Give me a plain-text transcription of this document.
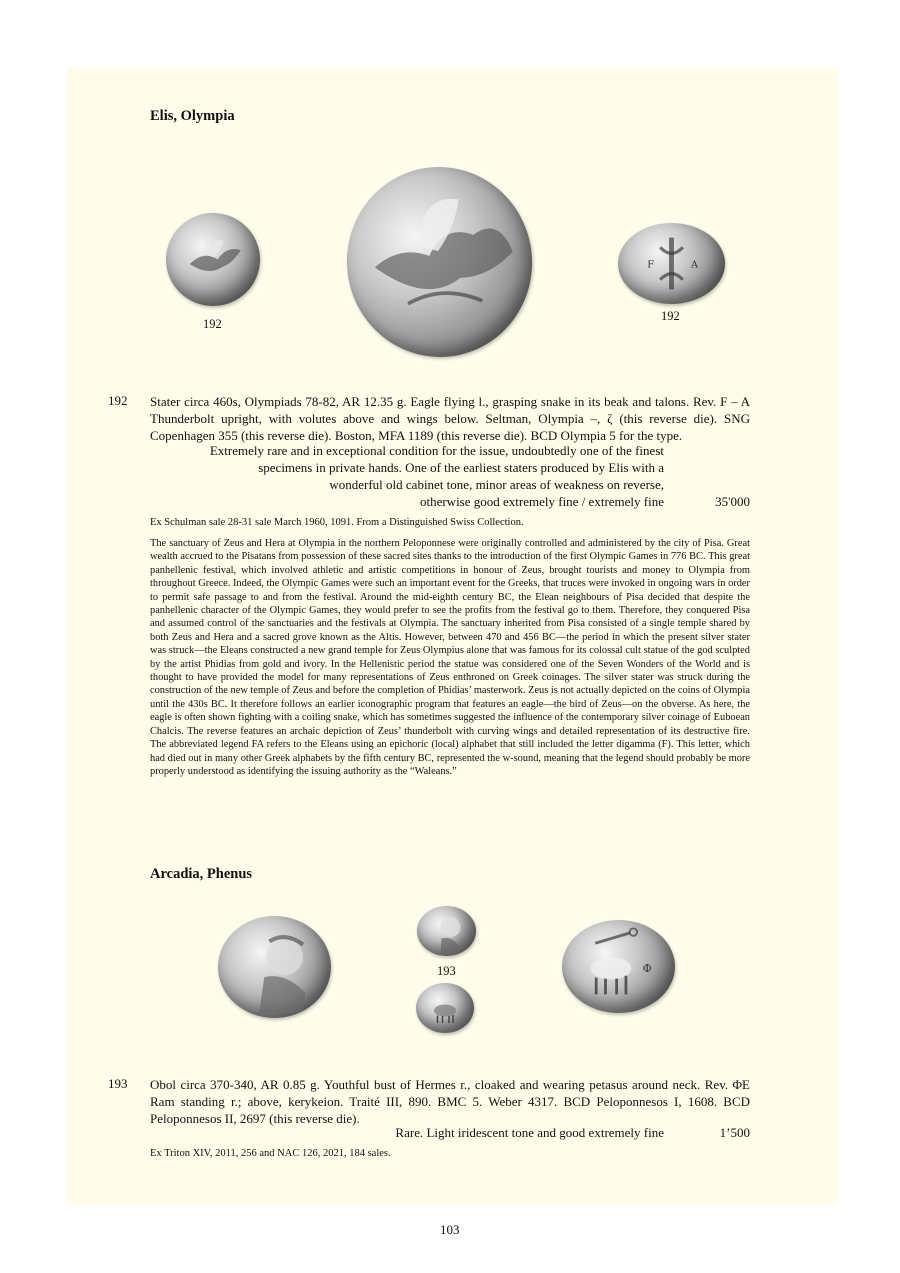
Elis, Olympia
192
F	A
192
192 Stater circa 460s, Olympiads 78-82, AR 12.35 g. Eagle flying l., grasping snake in its beak and talons. Rev. F – A Thunderbolt upright, with volutes above and wings below. Seltman, Olympia –, ζ (this reverse die). SNG Copenhagen 355 (this reverse die). Boston, MFA 1189 (this reverse die). BCD Olympia 5 for the type.

Extremely rare and in exceptional condition for the issue, undoubtedly one of the finest
specimens in private hands. One of the earliest staters produced by Elis with a
wonderful old cabinet tone, minor areas of weakness on reverse,
otherwise good extremely fine / extremely fine	35'000
Ex Schulman sale 28-31 sale March 1960, 1091. From a Distinguished Swiss Collection.

The sanctuary of Zeus and Hera at Olympia in the northern Peloponnese were originally controlled and administered by the city of Pisa. Great wealth accrued to the Pisatans from possession of these sacred sites thanks to the introduction of the first Olympic Games in 776 BC. This great panhellenic festival, which involved athletic and artistic competitions in honour of Zeus, brought tourists and money to Olympia from throughout Greece. Indeed, the Olympic Games were such an important event for the Greeks, that truces were invoked in ongoing wars in order to permit safe passage to and from the festival. Around the mid-eighth century BC, the Elean neighbours of Pisa decided that despite the panhellenic character of the Olympic Games, they would prefer to see the profits from the festival go to them. Therefore, they conquered Pisa and assumed control of the sanctuaries and the festivals at Olympia. The sanctuary inherited from Pisa consisted of a single temple shared by both Zeus and Hera and a sacred grove known as the Altis. However, between 470 and 456 BC—the period in which the present silver stater was struck—the Eleans constructed a new grand temple for Zeus Olympius alone that was famous for its colossal cult statue of the god sculpted by the artist Phidias from gold and ivory. In the Hellenistic period the statue was considered one of the Seven Wonders of the World and is thought to have provided the model for many representations of Zeus enthroned on Greek coinages. The silver stater was struck during the construction of the new temple of Zeus and before the completion of Phidias’ masterwork. Zeus is not actually depicted on the coins of Olympia until the 430s BC. It therefore follows an earlier iconographic program that features an eagle—the bird of Zeus—on the obverse. As here, the eagle is often shown fighting with a coiling snake, which has sometimes suggested the influence of the contemporary silver coinage of Euboean Chalcis. The reverse features an archaic depiction of Zeus’ thunderbolt with curving wings and detailed representation of its destructive fire. The abbreviated legend FA refers to the Eleans using an epichoric (local) alphabet that still included the letter digamma (F). This letter, which had died out in many other Greek alphabets by the fifth century BC, represented the w-sound, meaning that the legend should probably be more properly understood as identifying the issuing authority as the “Waleans.”

Arcadia, Phenus
193	Φ
193 Obol circa 370-340, AR 0.85 g. Youthful bust of Hermes r., cloaked and wearing petasus around neck. Rev. ΦΕ Ram standing r.; above, kerykeion. Traité III, 890. BMC 5. Weber 4317. BCD Peloponnesos I, 1608. BCD Peloponnesos II, 2697 (this reverse die).

Rare. Light iridescent tone and good extremely fine	1’500
Ex Triton XIV, 2011, 256 and NAC 126, 2021, 184 sales.
103
